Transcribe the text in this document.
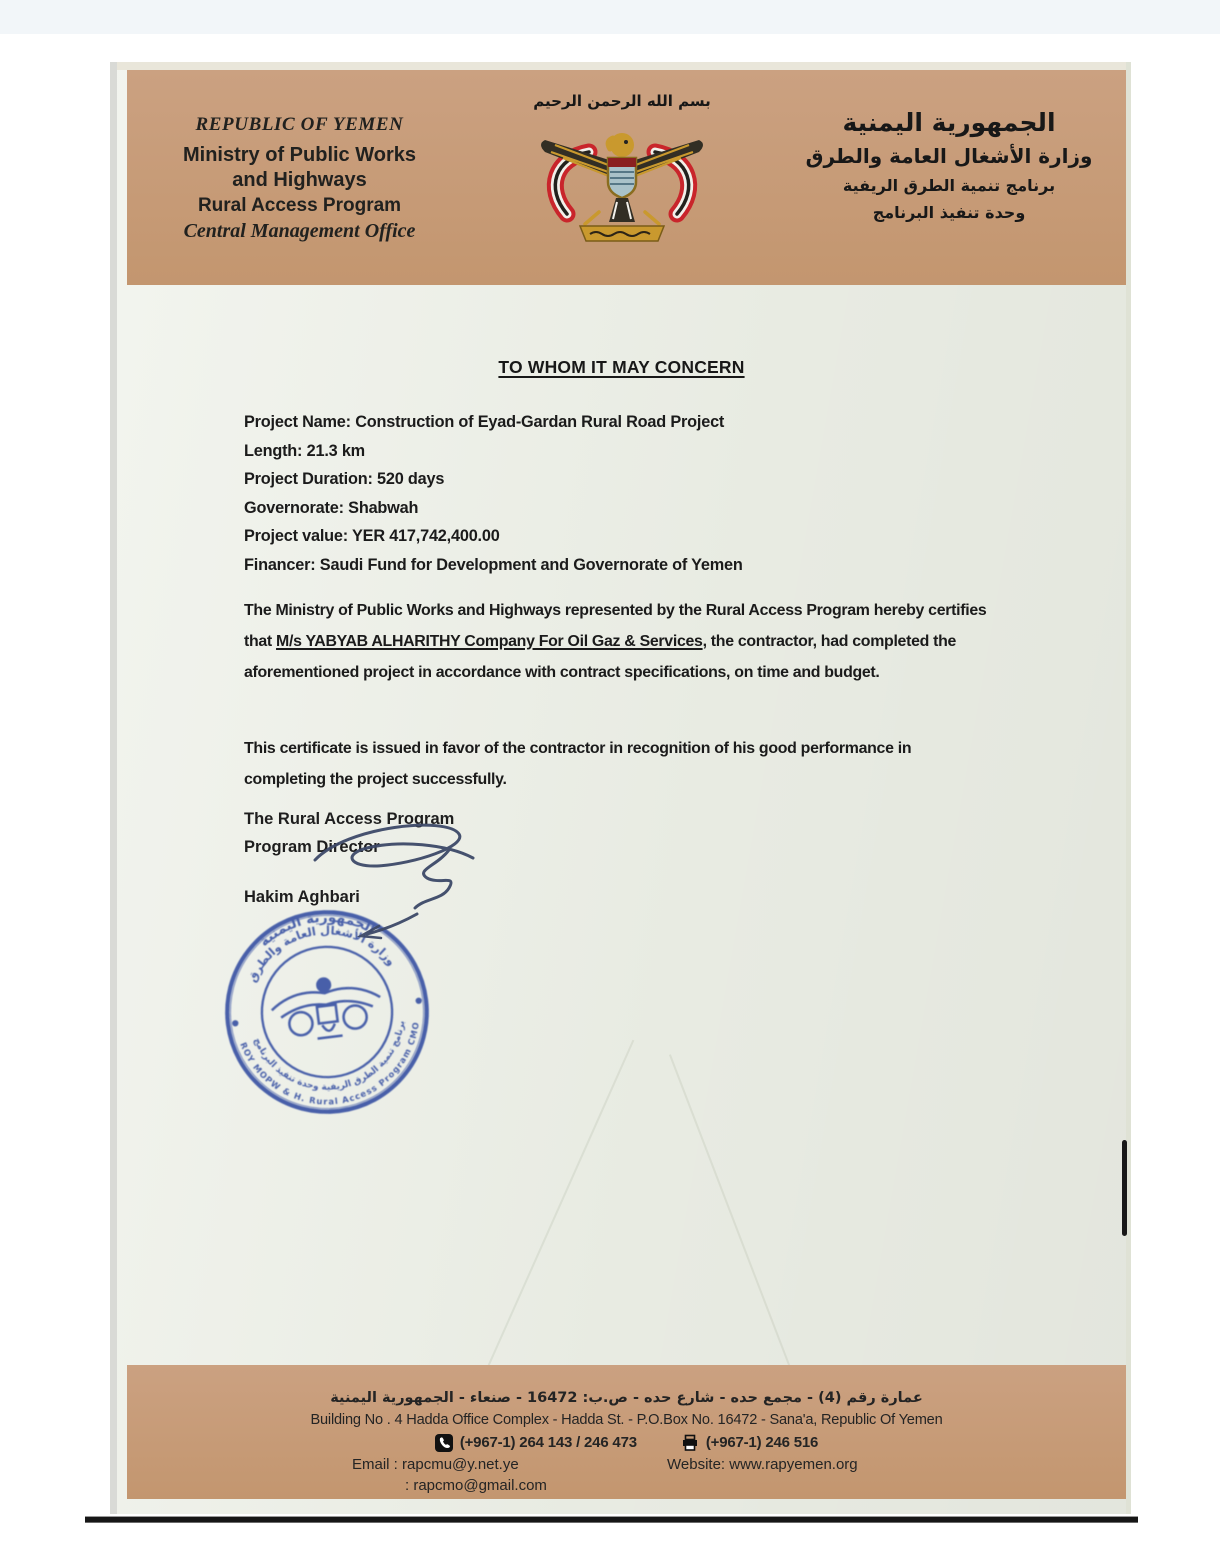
REPUBLIC OF YEMEN
Ministry of Public Works
and Highways
Rural Access Program
Central Management Office
بسم الله الرحمن الرحيم
الجمهورية اليمنية
وزارة الأشغال العامة والطرق
برنامج تنمية الطرق الريفية
وحدة تنفيذ البرنامج
TO WHOM IT MAY CONCERN
Project Name: Construction of Eyad-Gardan Rural Road Project
Length: 21.3 km
Project Duration: 520 days
Governorate: Shabwah
Project value: YER 417,742,400.00
Financer: Saudi Fund for Development and Governorate of Yemen

The Ministry of Public Works and Highways represented by the Rural Access Program hereby certifies that M/s YABYAB ALHARITHY Company For Oil Gaz & Services, the contractor, had completed the aforementioned project in accordance with contract specifications, on time and budget.

This certificate is issued in favor of the contractor in recognition of his good performance in completing the project successfully.

The Rural Access Program
Program Director
Hakim Aghbari
الجمهورية اليمنية
وزارة الأشغال العامة والطرق
برنامج تنمية الطرق الريفية وحدة تنفيذ البرنامج
ROY MOPW & H. Rural Access Program CMO
عمارة رقم (4) - مجمع حده - شارع حده - ص.ب: 16472 - صنعاء - الجمهورية اليمنية
Building No . 4 Hadda Office Complex - Hadda St. - P.O.Box No. 16472 - Sana'a, Republic Of Yemen
(+967-1) 264 143 / 246 473	(+967-1) 246 516
Email : rapcmu@y.net.ye	Website: www.rapyemen.org
: rapcmo@gmail.com
